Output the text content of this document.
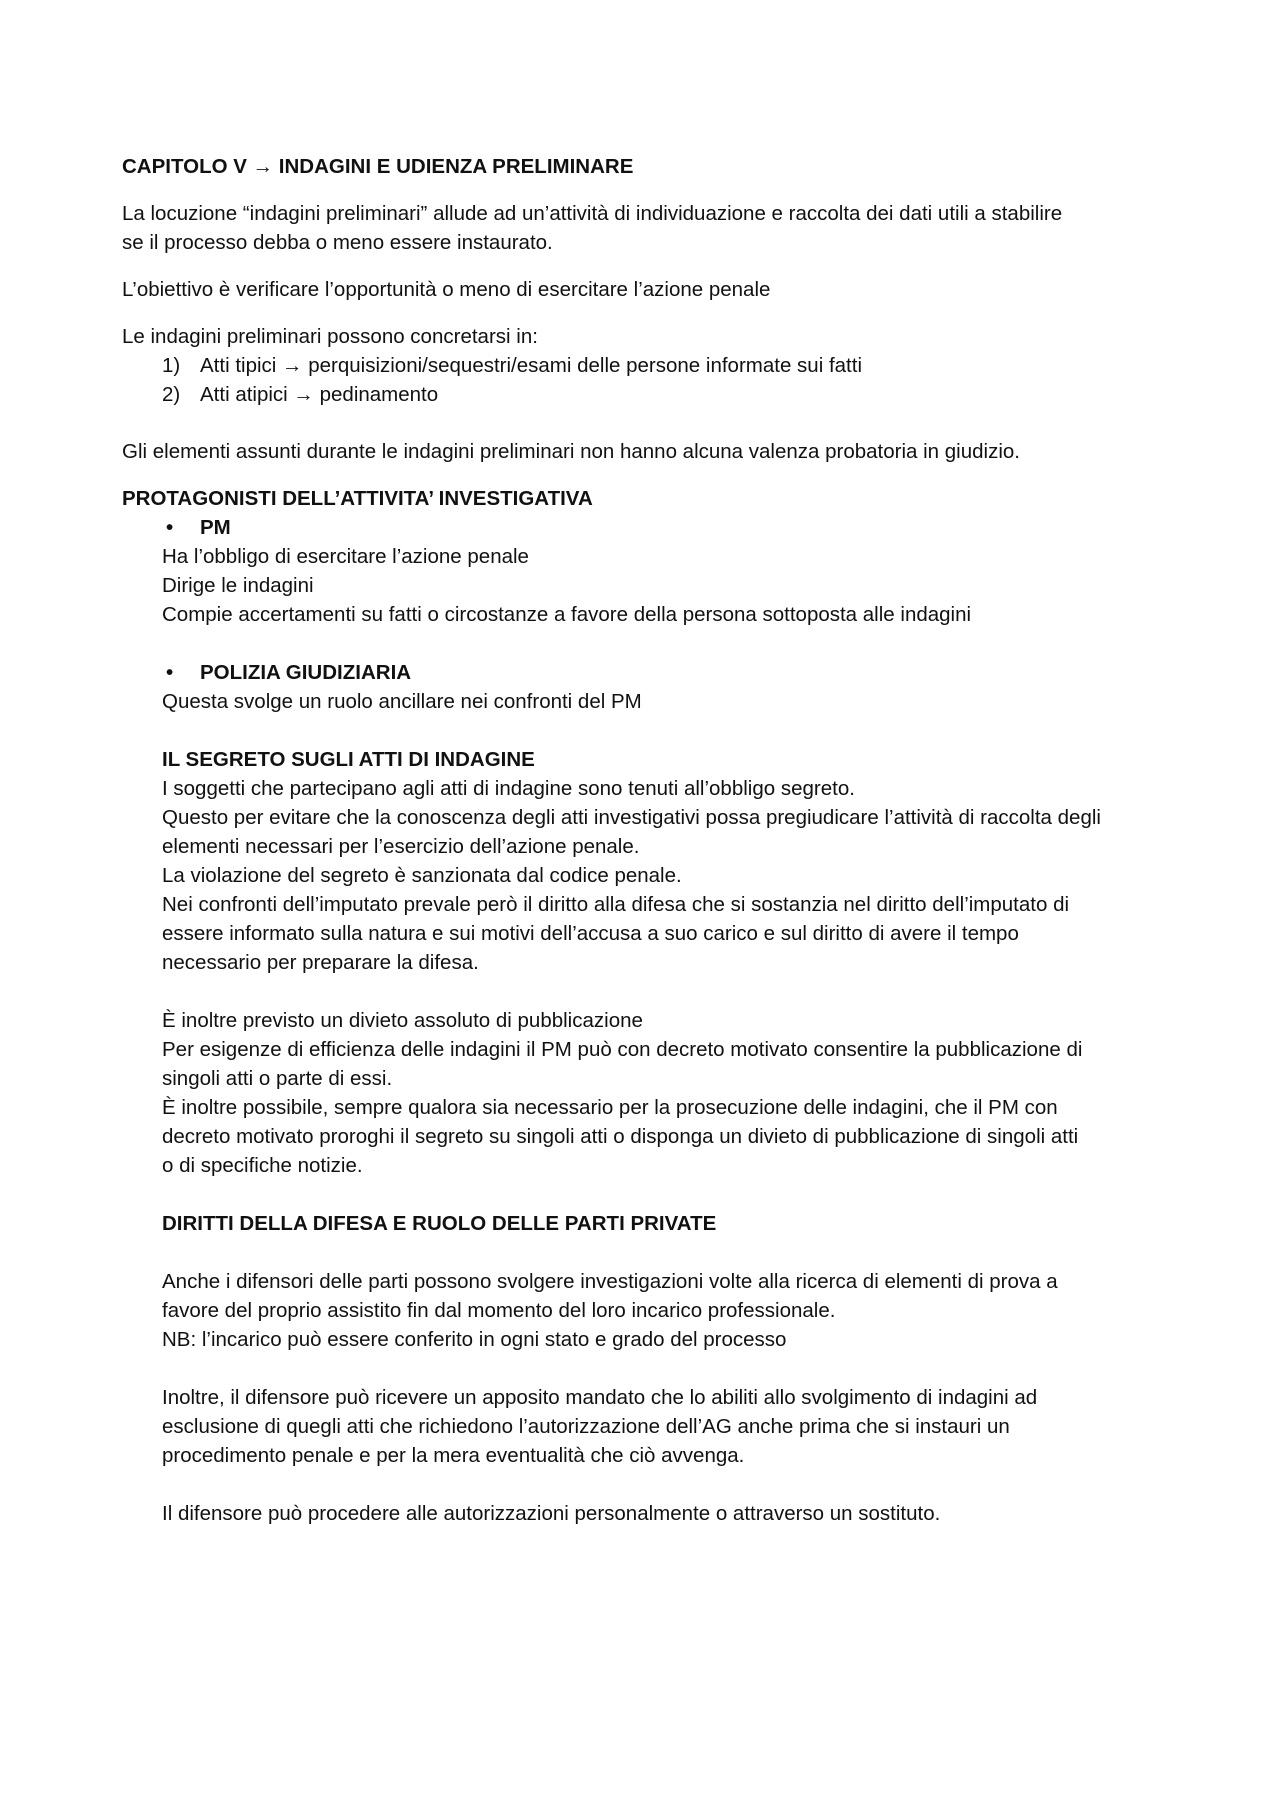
CAPITOLO V → INDAGINI E UDIENZA PRELIMINARE

La locuzione “indagini preliminari” allude ad un’attività di individuazione e raccolta dei dati utili a stabilire
se il processo debba o meno essere instaurato.

L’obiettivo è verificare l’opportunità o meno di esercitare l’azione penale

Le indagini preliminari possono concretarsi in:

1) Atti tipici → perquisizioni/sequestri/esami delle persone informate sui fatti
2) Atti atipici → pedinamento

Gli elementi assunti durante le indagini preliminari non hanno alcuna valenza probatoria in giudizio.

PROTAGONISTI DELL’ATTIVITA’ INVESTIGATIVA
• PM
Ha l’obbligo di esercitare l’azione penale
Dirige le indagini
Compie accertamenti su fatti o circostanze a favore della persona sottoposta alle indagini
• POLIZIA GIUDIZIARIA
Questa svolge un ruolo ancillare nei confronti del PM
IL SEGRETO SUGLI ATTI DI INDAGINE
I soggetti che partecipano agli atti di indagine sono tenuti all’obbligo segreto.
Questo per evitare che la conoscenza degli atti investigativi possa pregiudicare l’attività di raccolta degli
elementi necessari per l’esercizio dell’azione penale.
La violazione del segreto è sanzionata dal codice penale.
Nei confronti dell’imputato prevale però il diritto alla difesa che si sostanzia nel diritto dell’imputato di
essere informato sulla natura e sui motivi dell’accusa a suo carico e sul diritto di avere il tempo
necessario per preparare la difesa.
È inoltre previsto un divieto assoluto di pubblicazione
Per esigenze di efficienza delle indagini il PM può con decreto motivato consentire la pubblicazione di
singoli atti o parte di essi.
È inoltre possibile, sempre qualora sia necessario per la prosecuzione delle indagini, che il PM con
decreto motivato proroghi il segreto su singoli atti o disponga un divieto di pubblicazione di singoli atti
o di specifiche notizie.
DIRITTI DELLA DIFESA E RUOLO DELLE PARTI PRIVATE
Anche i difensori delle parti possono svolgere investigazioni volte alla ricerca di elementi di prova a
favore del proprio assistito fin dal momento del loro incarico professionale.
NB: l’incarico può essere conferito in ogni stato e grado del processo
Inoltre, il difensore può ricevere un apposito mandato che lo abiliti allo svolgimento di indagini ad
esclusione di quegli atti che richiedono l’autorizzazione dell’AG anche prima che si instauri un
procedimento penale e per la mera eventualità che ciò avvenga.
Il difensore può procedere alle autorizzazioni personalmente o attraverso un sostituto.
